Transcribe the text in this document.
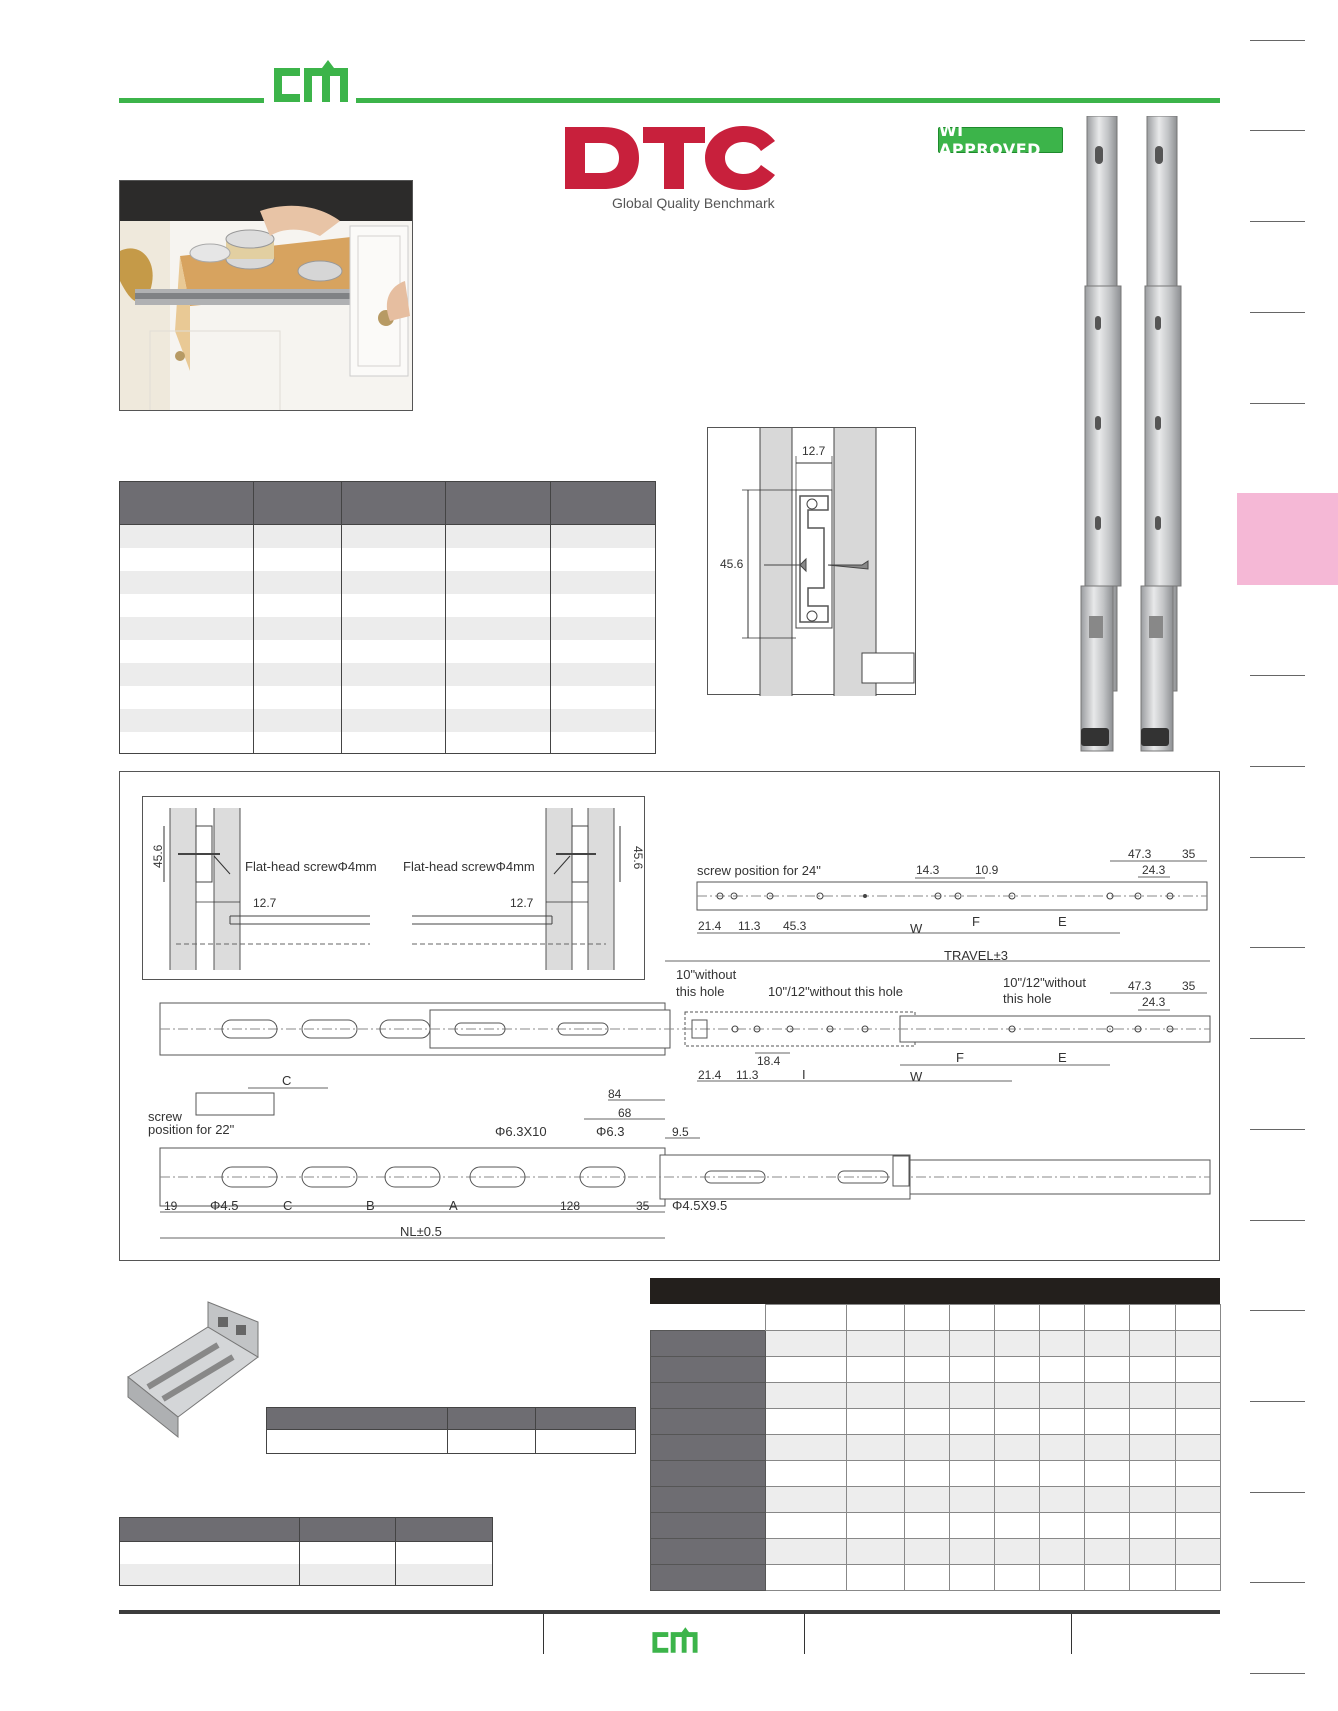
Global Quality Benchmark
WI APPROVED

12.7
45.6
Flat-head screwΦ4mm Flat-head screwΦ4mm
12.7	12.7
45.6	45.6
screw position for 24"	14.3	10.9
47.3	35
24.3
21.4 11.3 45.3	W	F	E
TRAVEL±3
10"without
this hole	10"/12"without this hole
10"/12"without
this hole
47.3	35
24.3
18.4
21.4 11.3	I	W
F	E
screw
position for 22"
C
84
68
9.5
Φ6.3X10	Φ6.3
19	Φ4.5	C	B	A	128	35 Φ4.5X9.5
NL±0.5
